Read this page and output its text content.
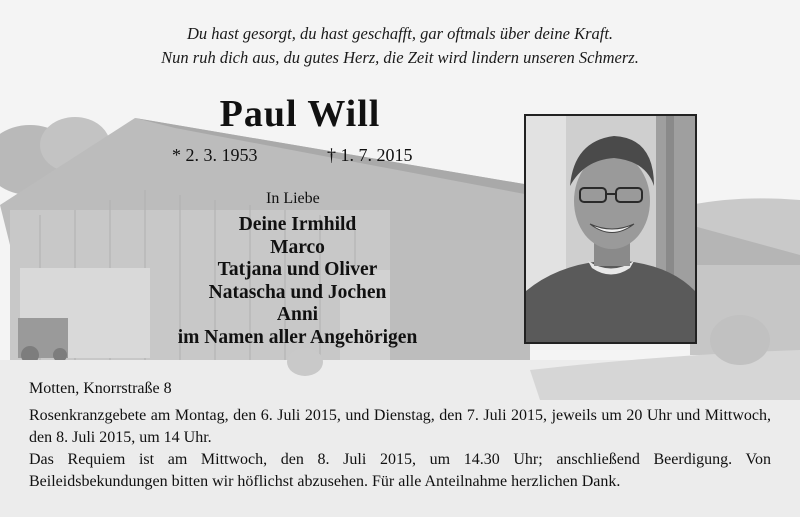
Du hast gesorgt, du hast geschafft, gar oftmals über deine Kraft.
Nun ruh dich aus, du gutes Herz, die Zeit wird lindern unseren Schmerz.
Paul Will
* 2. 3. 1953	† 1. 7. 2015
In Liebe
Deine Irmhild
Marco
Tatjana und Oliver
Natascha und Jochen
Anni
im Namen aller Angehörigen
Motten, Knorrstraße 8

Rosenkranzgebete am Montag, den 6. Juli 2015, und Dienstag, den 7. Juli 2015, jeweils um 20 Uhr und Mittwoch, den 8. Juli 2015, um 14 Uhr.

Das Requiem ist am Mittwoch, den 8. Juli 2015, um 14.30 Uhr; anschließend Beerdigung. Von Beileidsbekundungen bitten wir höflichst abzusehen. Für alle Anteilnahme herzlichen Dank.
